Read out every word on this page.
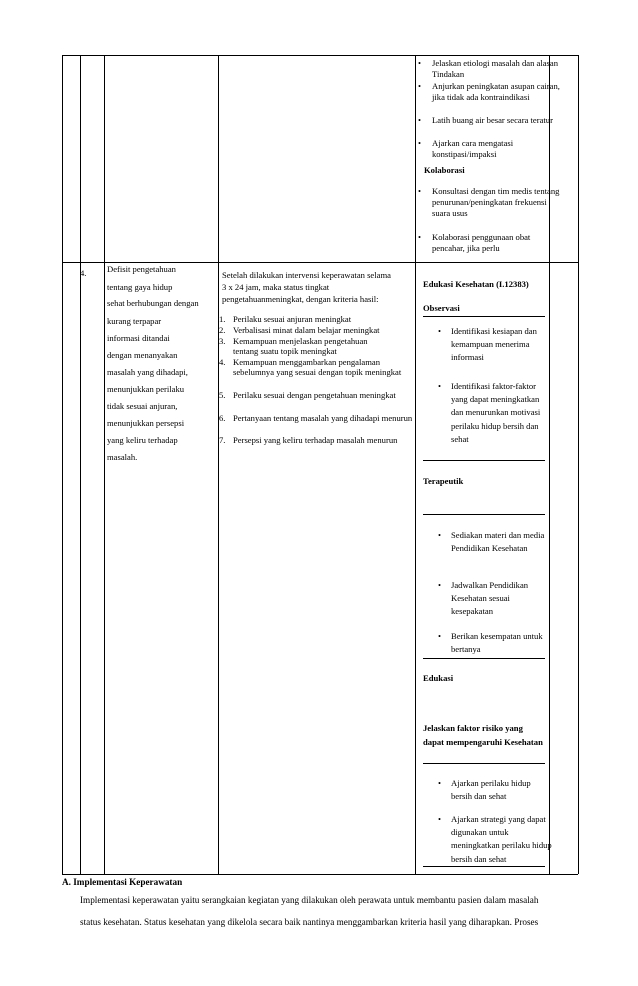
• Jelaskan etiologi masalah dan alasan Tindakan
• Anjurkan peningkatan asupan cairan, jika tidak ada kontraindikasi
• Latih buang air besar secara teratur
• Ajarkan cara mengatasi konstipasi/impaksi
Kolaborasi
• Konsultasi dengan tim medis tentang penurunan/peningkatan frekuensi suara usus
• Kolaborasi penggunaan obat pencahar, jika perlu
4. Defisit pengetahuan
tentang gaya hidup
sehat berhubungan dengan
kurang terpapar
informasi ditandai
dengan menanyakan
masalah yang dihadapi,
menunjukkan perilaku
tidak sesuai anjuran,
menunjukkan persepsi
yang keliru terhadap
masalah.
Setelah dilakukan intervensi keperawatan selama
3 x 24 jam, maka status tingkat
pengetahuanmeningkat, dengan kriteria hasil:
1. Perilaku sesuai anjuran meningkat
2. Verbalisasi minat dalam belajar meningkat
3. Kemampuan menjelaskan pengetahuan tentang suatu topik meningkat
4. Kemampuan menggambarkan pengalaman sebelumnya yang sesuai dengan topik meningkat
5. Perilaku sesuai dengan pengetahuan meningkat
6. Pertanyaan tentang masalah yang dihadapi menurun
7. Persepsi yang keliru terhadap masalah menurun
Edukasi Kesehatan (I.12383)
Observasi
• Identifikasi kesiapan dan kemampuan menerima informasi
• Identifikasi faktor-faktor yang dapat meningkatkan dan menurunkan motivasi perilaku hidup bersih dan sehat
Terapeutik
• Sediakan materi dan media Pendidikan Kesehatan
• Jadwalkan Pendidikan Kesehatan sesuai kesepakatan
• Berikan kesempatan untuk bertanya
Edukasi
Jelaskan faktor risiko yang dapat mempengaruhi Kesehatan
• Ajarkan perilaku hidup bersih dan sehat
• Ajarkan strategi yang dapat digunakan untuk meningkatkan perilaku hidup bersih dan sehat
A. Implementasi Keperawatan
Implementasi keperawatan yaitu serangkaian kegiatan yang dilakukan oleh perawata untuk membantu pasien dalam masalah
status kesehatan. Status kesehatan yang dikelola secara baik nantinya menggambarkan kriteria hasil yang diharapkan. Proses
